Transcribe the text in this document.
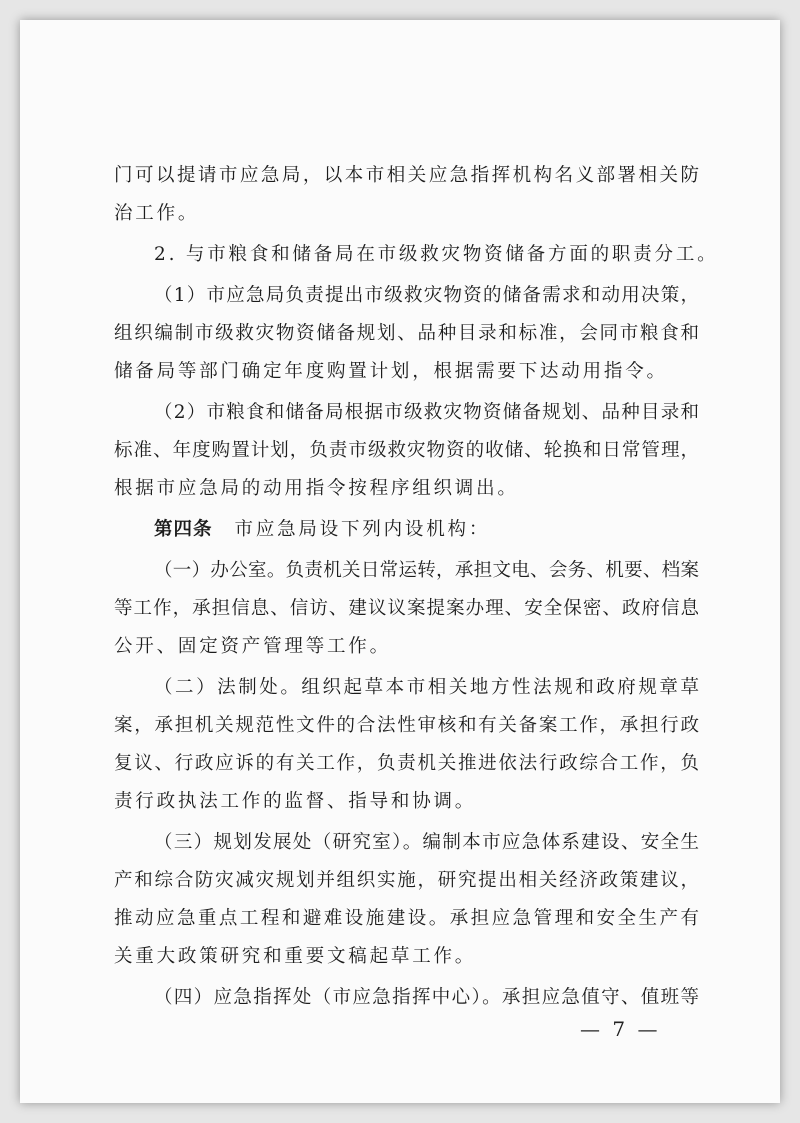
门可以提请市应急局，以本市相关应急指挥机构名义部署相关防
治工作。
2. 与市粮食和储备局在市级救灾物资储备方面的职责分工。
（1）市应急局负责提出市级救灾物资的储备需求和动用决策，
组织编制市级救灾物资储备规划、品种目录和标准，会同市粮食和
储备局等部门确定年度购置计划，根据需要下达动用指令。
（2）市粮食和储备局根据市级救灾物资储备规划、品种目录和
标准、年度购置计划，负责市级救灾物资的收储、轮换和日常管理，
根据市应急局的动用指令按程序组织调出。
第四条 市应急局设下列内设机构：
（一）办公室。负责机关日常运转，承担文电、会务、机要、档案
等工作，承担信息、信访、建议议案提案办理、安全保密、政府信息
公开、固定资产管理等工作。
（二）法制处。组织起草本市相关地方性法规和政府规章草
案，承担机关规范性文件的合法性审核和有关备案工作，承担行政
复议、行政应诉的有关工作，负责机关推进依法行政综合工作，负
责行政执法工作的监督、指导和协调。
（三）规划发展处（研究室）。编制本市应急体系建设、安全生
产和综合防灾减灾规划并组织实施，研究提出相关经济政策建议，
推动应急重点工程和避难设施建设。承担应急管理和安全生产有
关重大政策研究和重要文稿起草工作。
（四）应急指挥处（市应急指挥中心）。承担应急值守、值班等
— 7 —
